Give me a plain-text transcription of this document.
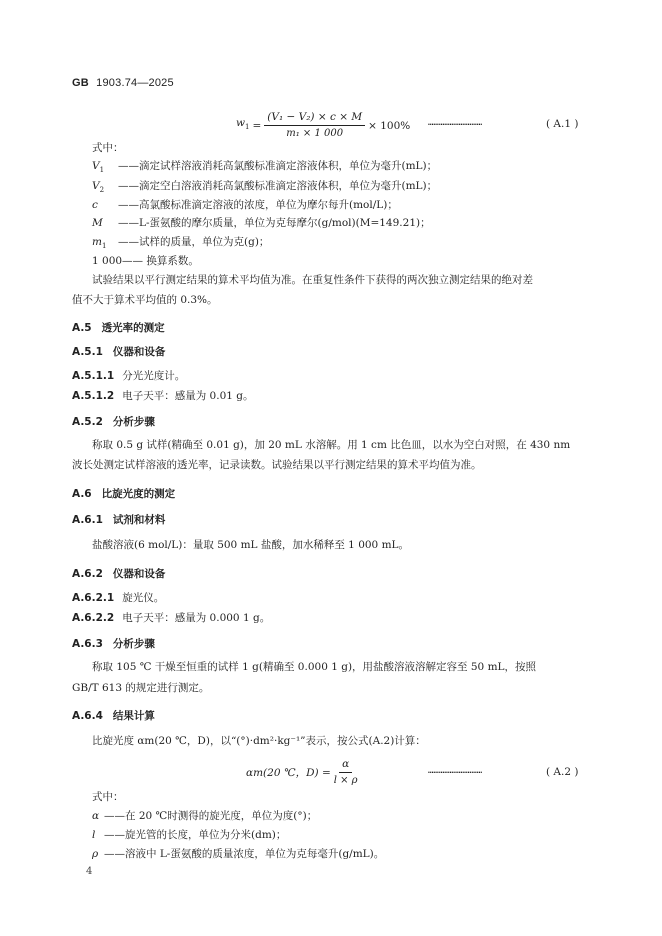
GB 1903.74—2025
$w_1 = \frac{\text{(V₁ − V₂) × c × M}}{\text{m₁ × 1 000}} \times 100\%$ …………………………	( A.1 )
式中：
$V_1$ ——滴定试样溶液消耗高氯酸标准滴定溶液体积，单位为毫升(mL)；
$V_2$ ——滴定空白溶液消耗高氯酸标准滴定溶液体积，单位为毫升(mL)；
c ——高氯酸标准滴定溶液的浓度，单位为摩尔每升(mol/L)；
M ——L-蛋氨酸的摩尔质量，单位为克每摩尔(g/mol)(M=149.21)；
$m_1$ ——试样的质量，单位为克(g)；
1 000—— 换算系数。
试验结果以平行测定结果的算术平均值为准。在重复性条件下获得的两次独立测定结果的绝对差
值不大于算术平均值的 0.3%。
A.5 透光率的测定
A.5.1 仪器和设备
A.5.1.1 分光光度计。
A.5.1.2 电子天平：感量为 0.01 g。
A.5.2 分析步骤
称取 0.5 g 试样(精确至 0.01 g)，加 20 mL 水溶解。用 1 cm 比色皿，以水为空白对照，在 430 nm
波长处测定试样溶液的透光率，记录读数。试验结果以平行测定结果的算术平均值为准。
A.6 比旋光度的测定
A.6.1 试剂和材料
盐酸溶液(6 mol/L)：量取 500 mL 盐酸，加水稀释至 1 000 mL。
A.6.2 仪器和设备
A.6.2.1 旋光仪。
A.6.2.2 电子天平：感量为 0.000 1 g。
A.6.3 分析步骤
称取 105 ℃ 干燥至恒重的试样 1 g(精确至 0.000 1 g)，用盐酸溶液溶解定容至 50 mL，按照
GB/T 613 的规定进行测定。
A.6.4 结果计算
比旋光度 αm(20 ℃，D)，以“(°)·dm²·kg⁻¹”表示，按公式(A.2)计算：
αm(20 ℃，$D) = \frac{\alpha}{l \times \rho}$	…………………………	( A.2 )
式中：
α ——在 20 ℃时测得的旋光度，单位为度(°)；
l ——旋光管的长度，单位为分米(dm)；
ρ ——溶液中 L-蛋氨酸的质量浓度，单位为克每毫升(g/mL)。
4
